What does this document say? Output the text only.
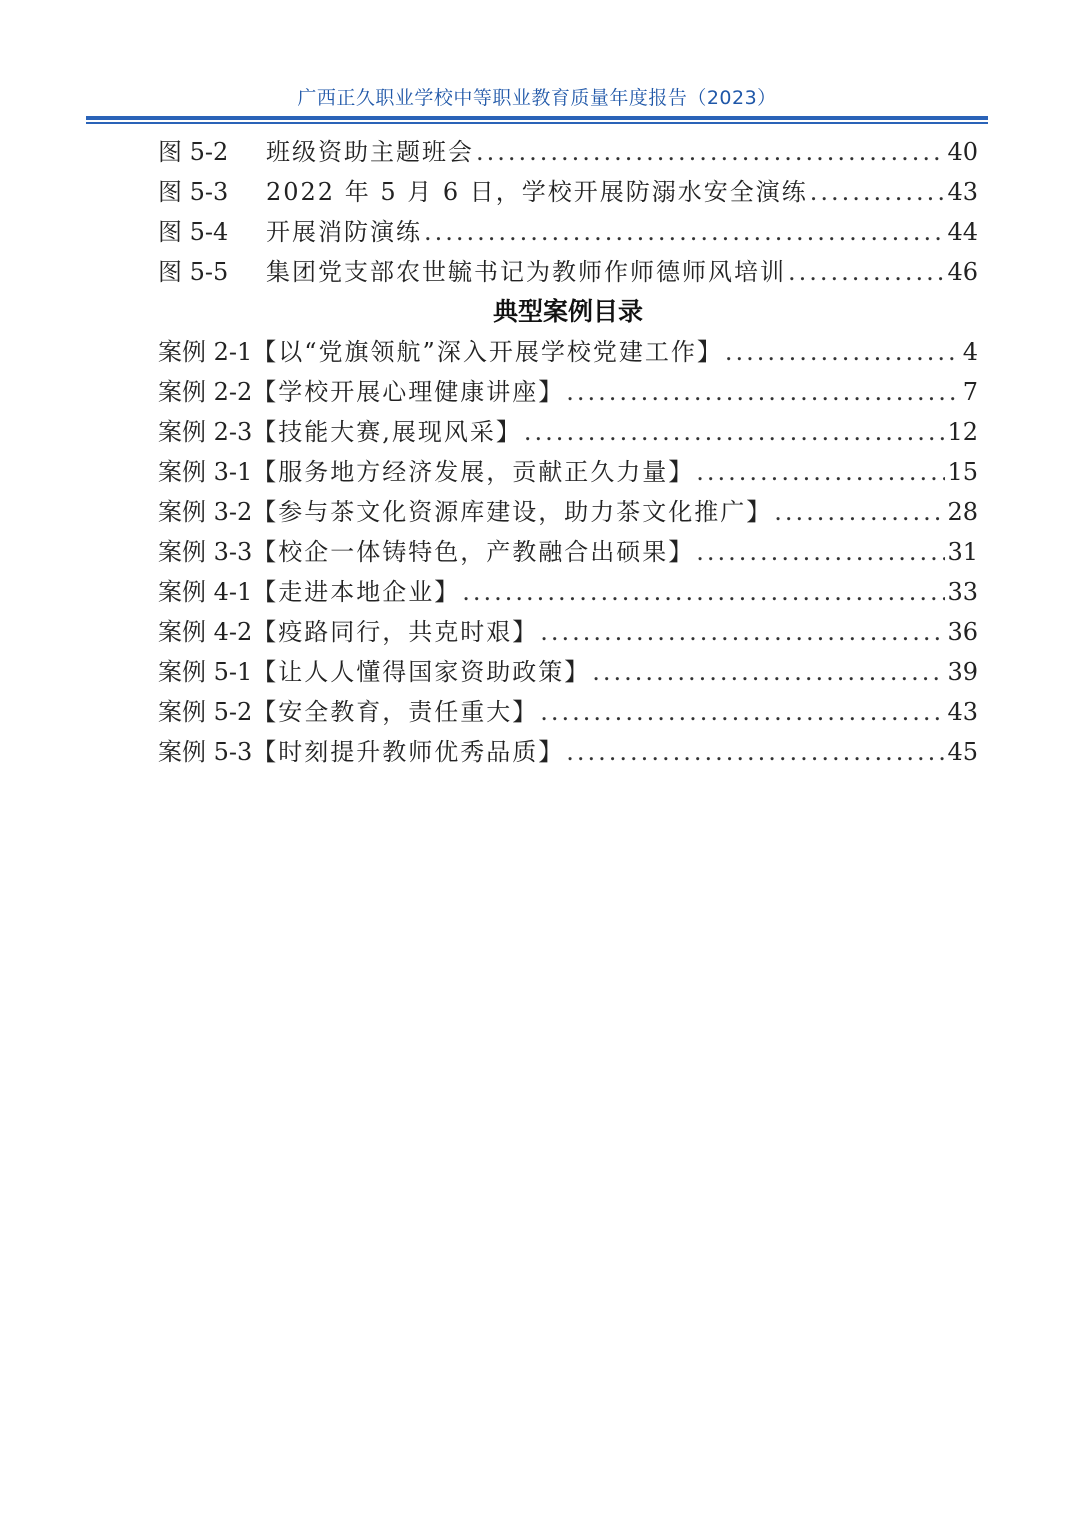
广西正久职业学校中等职业教育质量年度报告（2023）
图 5-2	班级资助主题班会 .....	40
图 5-3	2022 年 5 月 6 日，学校开展防溺水安全演练 .....	43
图 5-4	开展消防演练 .....	44
图 5-5	集团党支部农世毓书记为教师作师德师风培训 .....	46
典型案例目录
案例 2-1 【以“党旗领航”深入开展学校党建工作】 .....	4
案例 2-2 【学校开展心理健康讲座】 .....	7
案例 2-3 【技能大赛,展现风采】 .....	12
案例 3-1 【服务地方经济发展，贡献正久力量】 .....	15
案例 3-2 【参与茶文化资源库建设，助力茶文化推广】 .....	28
案例 3-3 【校企一体铸特色，产教融合出硕果】 .....	31
案例 4-1 【走进本地企业】 .....	33
案例 4-2 【疫路同行，共克时艰】 .....	36
案例 5-1 【让人人懂得国家资助政策】 .....	39
案例 5-2 【安全教育，责任重大】 .....	43
案例 5-3 【时刻提升教师优秀品质】 .....	45
